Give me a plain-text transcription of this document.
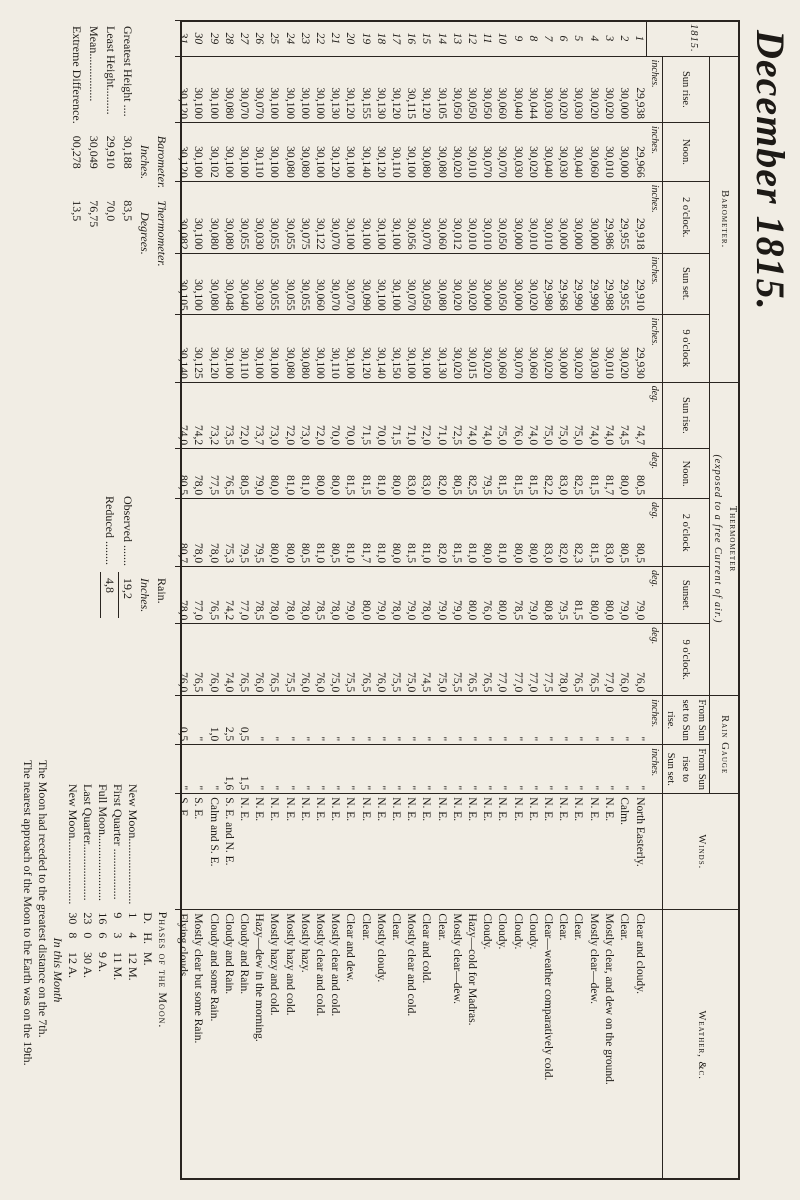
December 1815.
1815.	Barometer.					Thermometer
(exposed to a free Current of air.)					Rain Gauge		Winds.	Weather, &c.
	Sun rise.	Noon.	2 o'clock.	Sun set.	9 o'clock	Sun rise.	Noon.	2 o'clock	Sunset.	9 o'clock.	From Sun set to Sun rise.	From Sun rise to Sun set.		
	inches.	inches.	inches.	inches.	inches.	deg.	deg.	deg.	deg.	deg.	inches.	inches.		
1	29,938	29,966	29,918	29,910	29,930	74,7	80,5	80,5	79,0	76,0	"	"	North Easterly.	Clear and cloudy.
2	30,000	30,000	29,955	29,955	30,020	74,5	80,0	80,5	79,0	76,0	"	"	Calm.	Clear.
3	30,020	30,010	29,986	29,988	30,010	74,0	81,7	83,0	80,0	77,0	"	"	N. E.	Mostly clear, and dew on the ground.
4	30,020	30,060	30,000	29,990	30,030	74,0	81,5	81,5	80,0	76,5	"	"	N. E.	Mostly clear—dew.
5	30,030	30,040	30,000	29,990	30,020	75,0	82,5	82,3	81,5	76,5	"	"	N. E.	Clear.
6	30,020	30,030	30,000	29,968	30,000	75,0	83,0	82,0	79,5	78,0	"	"	N. E.	Clear.
7	30,030	30,040	30,010	29,980	30,020	75,0	82,2	83,0	80,8	77,5	"	"	N. E.	Clear—weather comparatively cold.
8	30,044	30,020	30,010	30,020	30,060	74,0	81,5	80,0	79,0	77,0	"	"	N. E.	Cloudy.
9	30,040	30,030	30,000	30,000	30,070	76,0	81,5	80,0	78,5	77,0	"	"	N. E.	Cloudy.
10	30,060	30,070	30,050	30,050	30,060	75,0	81,5	81,0	80,0	77,0	"	"	N. E.	Cloudy.
11	30,050	30,070	30,010	30,000	30,020	74,0	79,5	80,0	76,0	76,5	"	"	N. E.	Cloudy.
12	30,050	30,010	30,010	30,020	30,015	74,0	82,5	81,0	80,0	76,5	"	"	N. E.	Hazy—cold for Madras.
13	30,050	30,020	30,012	30,020	30,020	72,5	80,5	81,5	79,0	75,5	"	"	N. E.	Mostly clear—dew.
14	30,105	30,080	30,060	30,080	30,130	71,0	82,0	82,0	79,0	75,0	"	"	N. E.	Clear.
15	30,120	30,080	30,070	30,050	30,100	72,0	83,0	81,0	78,0	74,5	"	"	N. E.	Clear and cold.
16	30,115	30,100	30,056	30,070	30,100	71,0	83,0	81,5	79,0	75,0	"	"	N. E.	Mostly clear and cold.
17	30,120	30,110	30,100	30,100	30,150	71,5	80,0	80,0	78,0	75,5	"	"	N. E.	Clear.
18	30,130	30,120	30,100	30,100	30,140	70,0	81,0	81,0	79,0	76,0	"	"	N. E.	Mostly cloudy.
19	30,155	30,140	30,100	30,090	30,120	71,5	81,5	81,7	80,0	76,5	"	"	N. E.	Clear.
20	30,120	30,100	30,100	30,070	30,100	70,0	81,5	81,0	79,0	75,5	"	"	N. E.	Clear and dew.
21	30,130	30,120	30,070	30,070	30,110	70,0	80,0	80,5	78,0	75,0	"	"	N. E.	Mostly clear and cold.
22	30,100	30,100	30,122	30,060	30,100	72,0	80,0	81,0	78,5	76,0	"	"	N. E.	Mostly clear and cold.
23	30,100	30,080	30,075	30,055	30,080	73,0	81,0	80,5	78,0	76,0	"	"	N. E.	Mostly hazy.
24	30,100	30,080	30,055	30,055	30,080	72,0	81,0	80,0	78,0	75,5	"	"	N. E.	Mostly hazy and cold.
25	30,100	30,100	30,055	30,055	30,100	73,0	80,0	80,0	78,0	76,5	"	"	N. E.	Mostly hazy and cold.
26	30,070	30,110	30,030	30,030	30,100	73,7	79,0	79,5	78,5	76,0	"	"	N. E.	Hazy—dew in the morning.
27	30,070	30,100	30,055	30,040	30,110	72,0	80,5	79,5	77,0	76,5	0,5	1,5	N. E.	Cloudy and Rain.
28	30,080	30,100	30,080	30,048	30,100	73,5	76,5	75,3	74,2	74,0	2,5	1,6	S. E. and N. E.	Cloudy and Rain.
29	30,100	30,102	30,080	30,080	30,120	73,2	77,5	78,0	76,5	76,0	1,0	"	Calm and S. E.	Cloudy and some Rain.
30	30,100	30,100	30,100	30,100	30,125	74,2	78,0	78,0	77,0	76,5	"	"	S. E.	Mostly clear but some Rain.
31	30,120	30,120	30,082	30,105	30,140	74,0	80,5	80,7	78,0	76,0	0,5	"	S. E.	Flying clouds.
	Barometer.	Thermometer.
	Inches.	Degrees.
Greatest Height ....	30,188	83,5
Least Height.........	29,910	70,0
Mean................	30,049	76,75
Extreme Difference.	00,278	13,5
	Rain.
	Inches.
Observed .......	19,2
Reduced ........	4,8
Phases of the Moon.
	D.	H.	M.
New Moon......................	1	4	12 M.
First Quarter .................	9	3	11 M.
Full Moon......................	16	6	9 A.
Last Quarter...................	23	0	30 A.
New Moon......................	30	8	12 A.
In this Month
The Moon had receded to the greatest distance on the 7th.
The nearest approach of the Moon to the Earth was on the 19th.
